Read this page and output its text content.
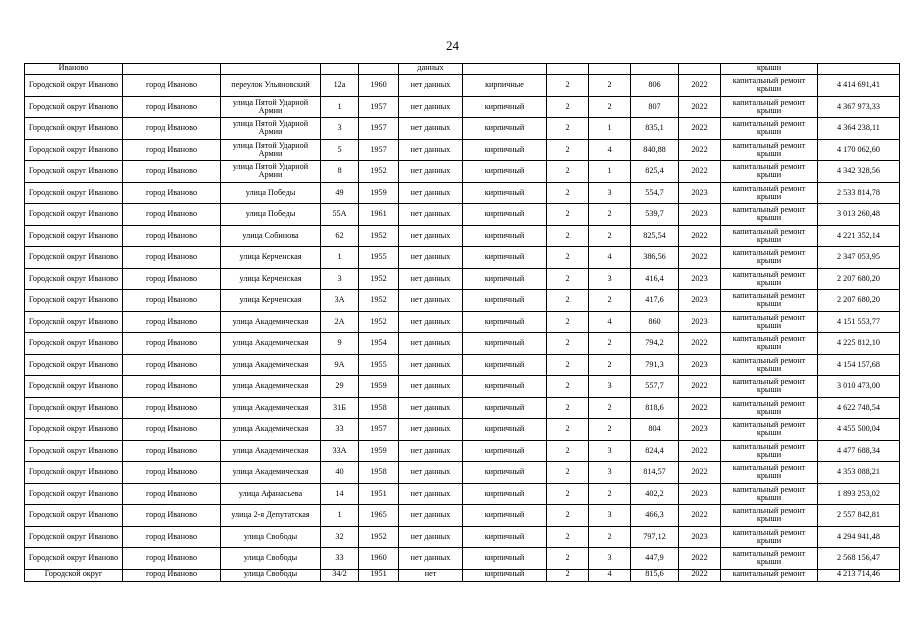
24
Иваново					данных						крыши	
Городской округ Иваново	город Иваново	переулок Ульяновский	12а	1960	нет данных	кирпичные	2	2	806	2022	капитальный ремонт крыши	4 414 691,41
Городской округ Иваново	город Иваново	улица Пятой Ударной Армии	1	1957	нет данных	кирпичный	2	2	807	2022	капитальный ремонт крыши	4 367 973,33
Городской округ Иваново	город Иваново	улица Пятой Ударной Армии	3	1957	нет данных	кирпичный	2	1	835,1	2022	капитальный ремонт крыши	4 364 238,11
Городской округ Иваново	город Иваново	улица Пятой Ударной Армии	5	1957	нет данных	кирпичный	2	4	840,88	2022	капитальный ремонт крыши	4 170 062,60
Городской округ Иваново	город Иваново	улица Пятой Ударной Армии	8	1952	нет данных	кирпичный	2	1	825,4	2022	капитальный ремонт крыши	4 342 328,56
Городской округ Иваново	город Иваново	улица Победы	49	1959	нет данных	кирпичный	2	3	554,7	2023	капитальный ремонт крыши	2 533 814,78
Городской округ Иваново	город Иваново	улица Победы	55А	1961	нет данных	кирпичный	2	2	539,7	2023	капитальный ремонт крыши	3 013 260,48
Городской округ Иваново	город Иваново	улица Собинова	62	1952	нет данных	кирпичный	2	2	825,54	2022	капитальный ремонт крыши	4 221 352,14
Городской округ Иваново	город Иваново	улица Керченская	1	1955	нет данных	кирпичный	2	4	386,56	2022	капитальный ремонт крыши	2 347 053,95
Городской округ Иваново	город Иваново	улица Керченская	3	1952	нет данных	кирпичный	2	3	416,4	2023	капитальный ремонт крыши	2 207 680,20
Городской округ Иваново	город Иваново	улица Керченская	3А	1952	нет данных	кирпичный	2	2	417,6	2023	капитальный ремонт крыши	2 207 680,20
Городской округ Иваново	город Иваново	улица Академическая	2А	1952	нет данных	кирпичный	2	4	860	2023	капитальный ремонт крыши	4 151 553,77
Городской округ Иваново	город Иваново	улица Академическая	9	1954	нет данных	кирпичный	2	2	794,2	2022	капитальный ремонт крыши	4 225 812,10
Городской округ Иваново	город Иваново	улица Академическая	9А	1955	нет данных	кирпичный	2	2	791,3	2023	капитальный ремонт крыши	4 154 157,68
Городской округ Иваново	город Иваново	улица Академическая	29	1959	нет данных	кирпичный	2	3	557,7	2022	капитальный ремонт крыши	3 010 473,00
Городской округ Иваново	город Иваново	улица Академическая	31Б	1958	нет данных	кирпичный	2	2	818,6	2022	капитальный ремонт крыши	4 622 748,54
Городской округ Иваново	город Иваново	улица Академическая	33	1957	нет данных	кирпичный	2	2	804	2023	капитальный ремонт крыши	4 455 500,04
Городской округ Иваново	город Иваново	улица Академическая	33А	1959	нет данных	кирпичный	2	3	824,4	2022	капитальный ремонт крыши	4 477 688,34
Городской округ Иваново	город Иваново	улица Академическая	40	1958	нет данных	кирпичный	2	3	814,57	2022	капитальный ремонт крыши	4 353 088,21
Городской округ Иваново	город Иваново	улица Афанасьева	14	1951	нет данных	кирпичный	2	2	402,2	2023	капитальный ремонт крыши	1 893 253,02
Городской округ Иваново	город Иваново	улица 2-я Депутатская	1	1965	нет данных	кирпичный	2	3	466,3	2022	капитальный ремонт крыши	2 557 842,81
Городской округ Иваново	город Иваново	улица Свободы	32	1952	нет данных	кирпичный	2	2	797,12	2023	капитальный ремонт крыши	4 294 941,48
Городской округ Иваново	город Иваново	улица Свободы	33	1960	нет данных	кирпичный	2	3	447,9	2022	капитальный ремонт крыши	2 568 156,47
Городской округ	город Иваново	улица Свободы	34/2	1951	нет	кирпичный	2	4	815,6	2022	капитальный ремонт	4 213 714,46
